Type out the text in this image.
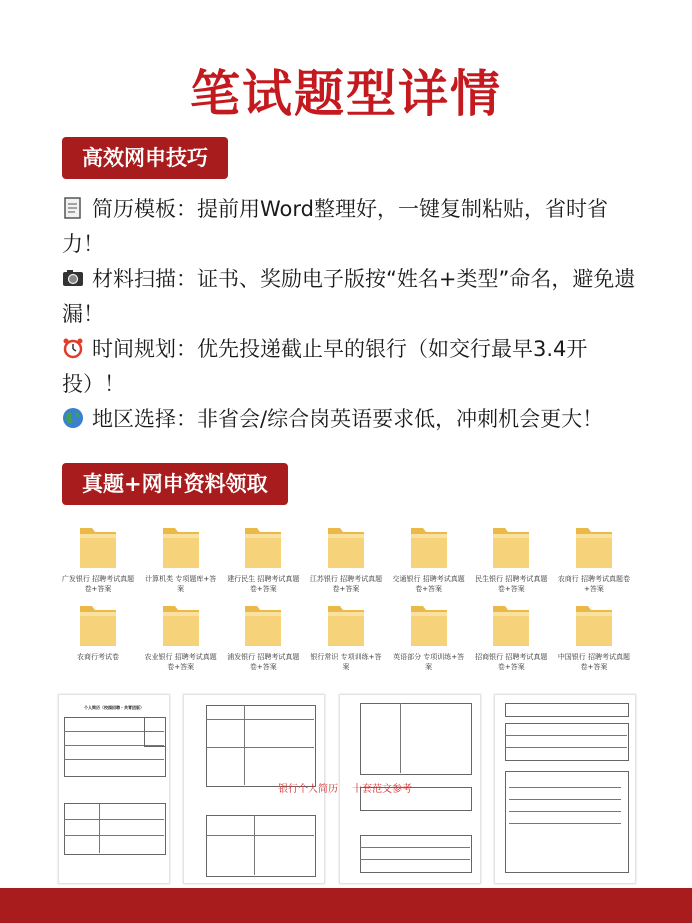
笔试题型详情
高效网申技巧

简历模板：提前用Word整理好，一键复制粘贴，省时省力！

材料扫描：证书、奖励电子版按“姓名+类型”命名，避免遗漏！

时间规划：优先投递截止早的银行（如交行最早3.4开投）！

地区选择：非省会/综合岗英语要求低，冲刺机会更大！

真题+网申资料领取
广发银行 招聘考试真题卷+答案
计算机类 专项题库+答案
建行民生 招聘考试真题卷+答案
江苏银行 招聘考试真题卷+答案
交通银行 招聘考试真题卷+答案
民生银行 招聘考试真题卷+答案
农商行 招聘考试真题卷+答案
农商行考试卷	农业银行 招聘考试真题卷+答案
浦发银行 招聘考试真题卷+答案
银行常识 专项训练+答案
英语部分 专项训练+答案
招商银行 招聘考试真题卷+答案
中国银行 招聘考试真题卷+答案
个人简历（校园招聘・共青团版）
银行个人简历 十套范文参考
